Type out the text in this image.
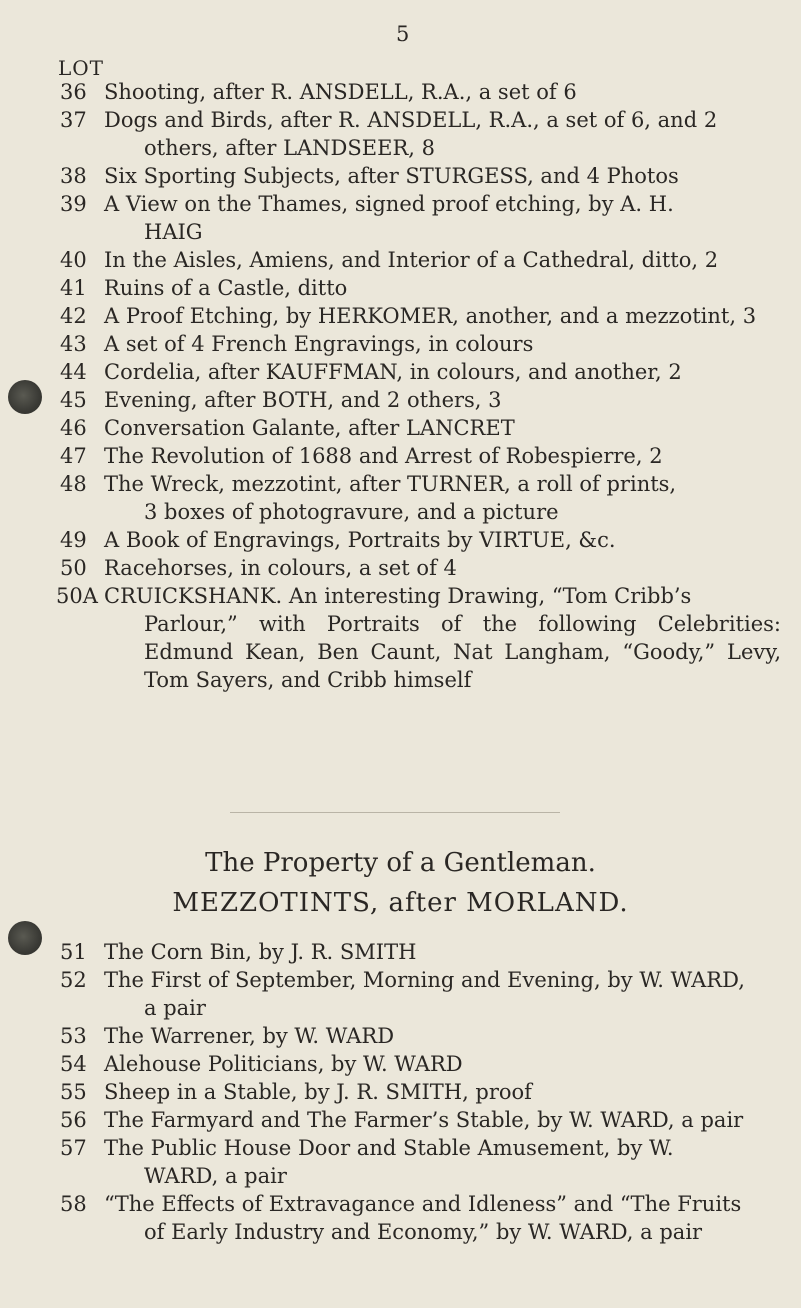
5
LOT
36 Shooting, after R. ANSDELL, R.A., a set of 6
37 Dogs and Birds, after R. ANSDELL, R.A., a set of 6, and 2
others, after LANDSEER, 8
38 Six Sporting Subjects, after STURGESS, and 4 Photos
39 A View on the Thames, signed proof etching, by A. H.
HAIG
40 In the Aisles, Amiens, and Interior of a Cathedral, ditto, 2
41 Ruins of a Castle, ditto
42 A Proof Etching, by HERKOMER, another, and a mezzotint, 3
43 A set of 4 French Engravings, in colours
44 Cordelia, after KAUFFMAN, in colours, and another, 2
45 Evening, after BOTH, and 2 others, 3
46 Conversation Galante, after LANCRET
47 The Revolution of 1688 and Arrest of Robespierre, 2
48 The Wreck, mezzotint, after TURNER, a roll of prints,
3 boxes of photogravure, and a picture
49 A Book of Engravings, Portraits by VIRTUE, &c.
50 Racehorses, in colours, a set of 4
50A CRUICKSHANK. An interesting Drawing, “Tom Cribb’s
Parlour,” with Portraits of the following Celebrities: Edmund Kean, Ben Caunt, Nat Langham, “Goody,” Levy, Tom Sayers, and Cribb himself
The Property of a Gentleman.
MEZZOTINTS, after MORLAND.
51 The Corn Bin, by J. R. SMITH
52 The First of September, Morning and Evening, by W. WARD,
a pair
53 The Warrener, by W. WARD
54 Alehouse Politicians, by W. WARD
55 Sheep in a Stable, by J. R. SMITH, proof
56 The Farmyard and The Farmer’s Stable, by W. WARD, a pair
57 The Public House Door and Stable Amusement, by W.
WARD, a pair
58 “The Effects of Extravagance and Idleness” and “The Fruits
of Early Industry and Economy,” by W. WARD, a pair
